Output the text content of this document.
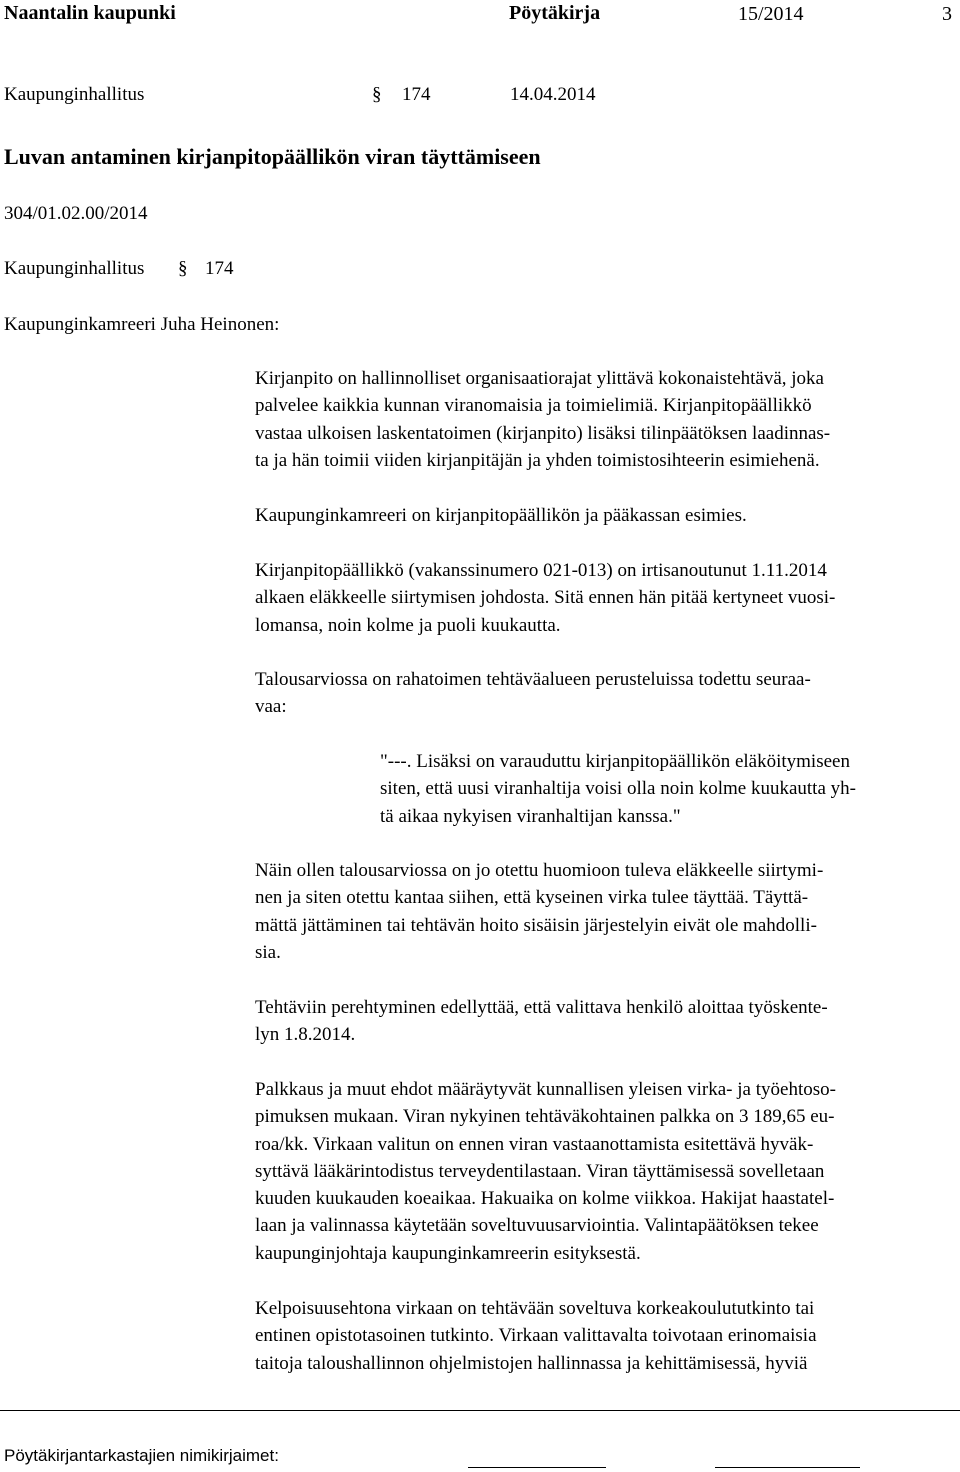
Naantalin kaupunki	Pöytäkirja	15/2014	3
Kaupunginhallitus	§ 174	14.04.2014
Luvan antaminen kirjanpitopäällikön viran täyttämiseen
304/01.02.00/2014
Kaupunginhallitus § 174
Kaupunginkamreeri Juha Heinonen:
Kirjanpito on hallinnolliset organisaatiorajat ylittävä kokonaistehtävä, joka
palvelee kaikkia kunnan viranomaisia ja toimielimiä. Kirjanpitopäällikkö
vastaa ulkoisen laskentatoimen (kirjanpito) lisäksi tilinpäätöksen laadinnas-
ta ja hän toimii viiden kirjanpitäjän ja yhden toimistosihteerin esimiehenä.
Kaupunginkamreeri on kirjanpitopäällikön ja pääkassan esimies.
Kirjanpitopäällikkö (vakanssinumero 021-013) on irtisanoutunut 1.11.2014
alkaen eläkkeelle siirtymisen johdosta. Sitä ennen hän pitää kertyneet vuosi-
lomansa, noin kolme ja puoli kuukautta.
Talousarviossa on rahatoimen tehtäväalueen perusteluissa todettu seuraa-
vaa:
"---. Lisäksi on varauduttu kirjanpitopäällikön eläköitymiseen
siten, että uusi viranhaltija voisi olla noin kolme kuukautta yh-
tä aikaa nykyisen viranhaltijan kanssa."
Näin ollen talousarviossa on jo otettu huomioon tuleva eläkkeelle siirtymi-
nen ja siten otettu kantaa siihen, että kyseinen virka tulee täyttää. Täyttä-
mättä jättäminen tai tehtävän hoito sisäisin järjestelyin eivät ole mahdolli-
sia.
Tehtäviin perehtyminen edellyttää, että valittava henkilö aloittaa työskente-
lyn 1.8.2014.
Palkkaus ja muut ehdot määräytyvät kunnallisen yleisen virka- ja työehtoso-
pimuksen mukaan. Viran nykyinen tehtäväkohtainen palkka on 3 189,65 eu-
roa/kk. Virkaan valitun on ennen viran vastaanottamista esitettävä hyväk-
syttävä lääkärintodistus terveydentilastaan. Viran täyttämisessä sovelletaan
kuuden kuukauden koeaikaa. Hakuaika on kolme viikkoa. Hakijat haastatel-
laan ja valinnassa käytetään soveltuvuusarviointia. Valintapäätöksen tekee
kaupunginjohtaja kaupunginkamreerin esityksestä.
Kelpoisuusehtona virkaan on tehtävään soveltuva korkeakoulututkinto tai
entinen opistotasoinen tutkinto. Virkaan valittavalta toivotaan erinomaisia
taitoja taloushallinnon ohjelmistojen hallinnassa ja kehittämisessä, hyviä
Pöytäkirjantarkastajien nimikirjaimet:
